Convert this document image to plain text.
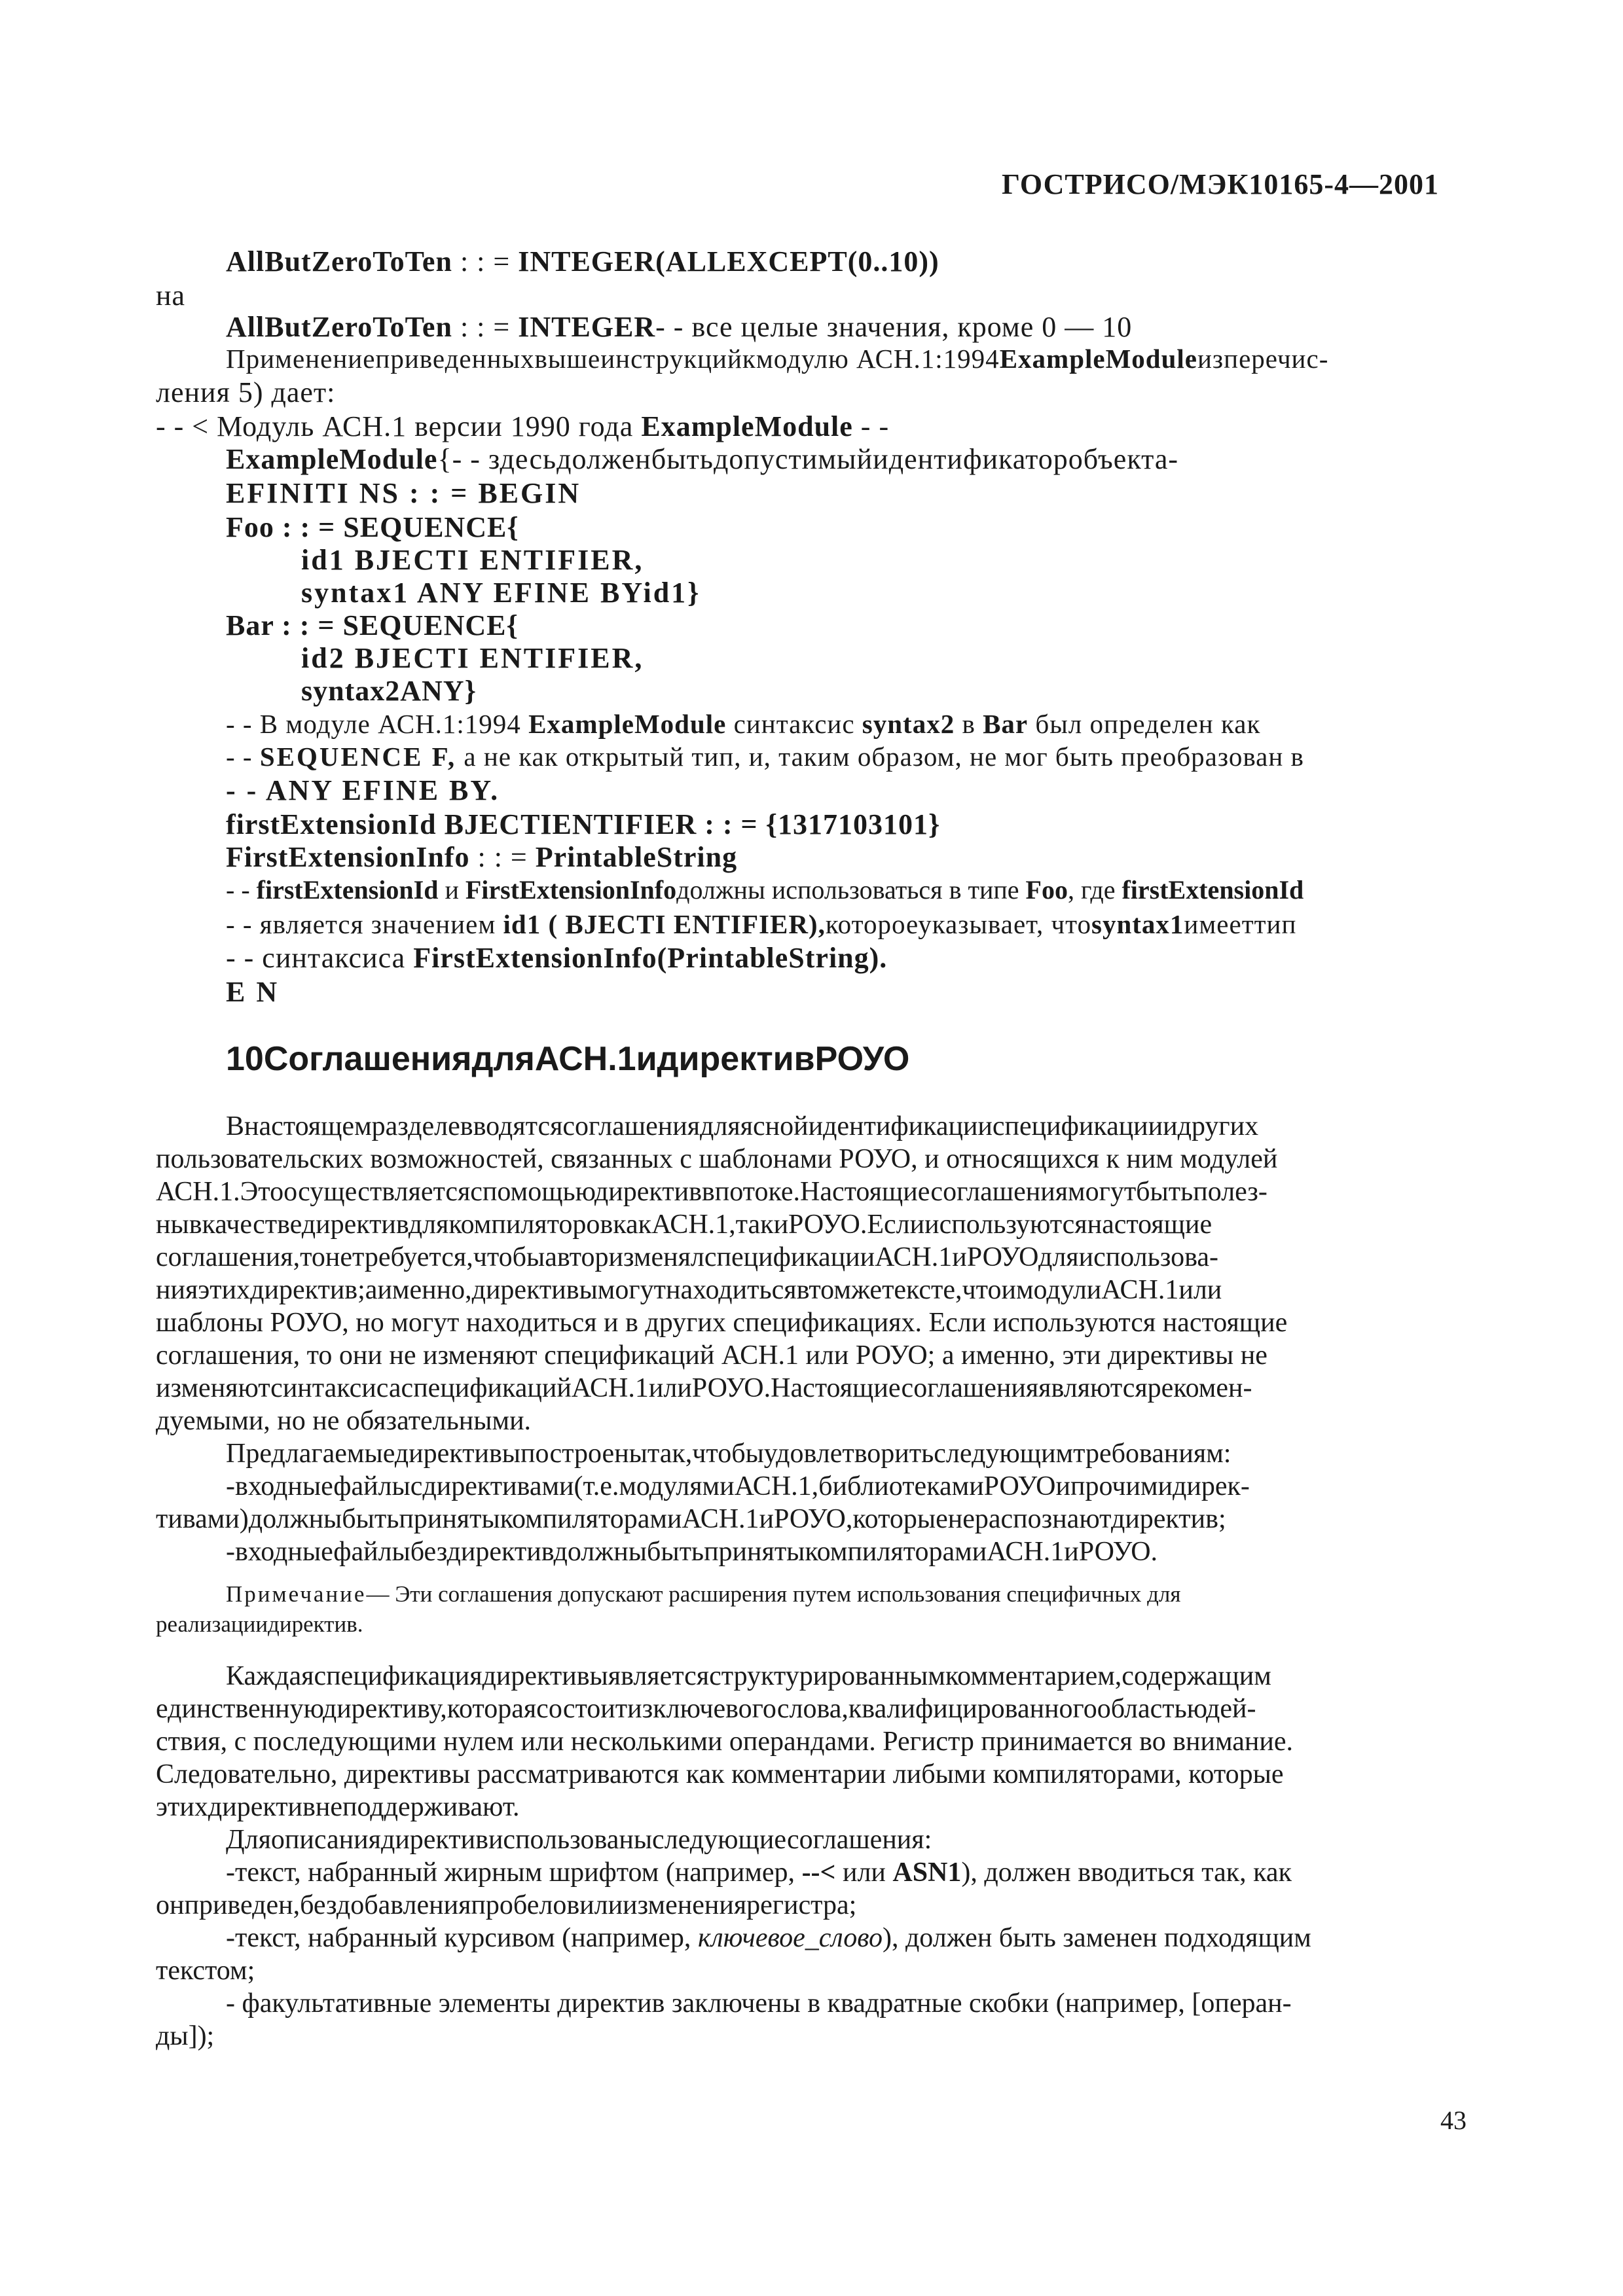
ГОСТРИСО/МЭК10165-4—2001
AllButZeroToTen : : = INTEGER(ALLEXCEPT(0..10))
на
AllButZeroToTen : : = INTEGER- - все целые значения, кроме 0 — 10
Применениеприведенныхвышеинструкцийкмодулю АСН.1:1994ExampleModuleизперечис-
ления 5) дает:
- - < Модуль АСН.1 версии 1990 года ExampleModule - -
ExampleModule{- - здесьдолженбытьдопустимыйидентификаторобъекта-
EFINITI NS : : = BEGIN
Foo : : = SEQUENCE{
id1 BJECTI ENTIFIER,
syntax1 ANY EFINE BYid1}
Bar : : = SEQUENCE{
id2 BJECTI ENTIFIER,
syntax2ANY}
- - В модуле АСН.1:1994 ExampleModule синтаксис syntax2 в Bar был определен как
- - SEQUENCE F, а не как открытый тип, и, таким образом, не мог быть преобразован в
- - ANY EFINE BY.
firstExtensionId BJECTIENTIFIER : : = {1317103101}
FirstExtensionInfo : : = PrintableString
- - firstExtensionId и FirstExtensionInfoдолжны использоваться в типе Foo, где firstExtensionId
- - является значением id1 ( BJECTI ENTIFIER),котороеуказывает, чтоsyntax1имееттип
- - синтаксиса FirstExtensionInfo(PrintableString).
E N
10СоглашениядляАСН.1идирективРОУО
Внастоящемразделевводятсясоглашениядляяснойидентификацииспецификацииидругих
пользовательских возможностей, связанных с шаблонами РОУО, и относящихся к ним модулей
АСН.1.Этоосуществляетсяспомощьюдирективвпотоке.Настоящиесоглашениямогутбытьполез-
нывкачестведирективдлякомпиляторовкакАСН.1,такиРОУО.Еслииспользуютсянастоящие
соглашения,тонетребуется,чтобыавторизменялспецификацииАСН.1иРОУОдляиспользова-
нияэтихдиректив;аименно,директивымогутнаходитьсявтомжетексте,чтоимодулиАСН.1или
шаблоны РОУО, но могут находиться и в других спецификациях. Если используются настоящие
соглашения, то они не изменяют спецификаций АСН.1 или РОУО; а именно, эти директивы не
изменяютсинтаксисаспецификацийАСН.1илиРОУО.Настоящиесоглашенияявляютсярекомен-
дуемыми, но не обязательными.
Предлагаемыедирективыпостроенытак,чтобыудовлетворитьследующимтребованиям:
-входныефайлысдирективами(т.е.модулямиАСН.1,библиотекамиРОУОипрочимидирек-
тивами)должныбытьпринятыкомпиляторамиАСН.1иРОУО,которыенераспознаютдиректив;
-входныефайлыбездирективдолжныбытьпринятыкомпиляторамиАСН.1иРОУО.
Примечание— Эти соглашения допускают расширения путем использования специфичных для
реализациидиректив.
Каждаяспецификациядирективыявляетсяструктурированнымкомментарием,содержащим
единственнуюдирективу,котораясостоитизключевогослова,квалифицированногообластьюдей-
ствия, с последующими нулем или несколькими операндами. Регистр принимается во внимание.
Следовательно, директивы рассматриваются как комментарии либыми компиляторами, которые
этихдирективнеподдерживают.
Дляописаниядирективиспользованыследующиесоглашения:
-текст, набранный жирным шрифтом (например, --< или ASN1), должен вводиться так, как
онприведен,бездобавленияпробеловилиизменениярегистра;
-текст, набранный курсивом (например, ключевое_слово), должен быть заменен подходящим
текстом;
- факультативные элементы директив заключены в квадратные скобки (например, [операн-
ды]);
43
